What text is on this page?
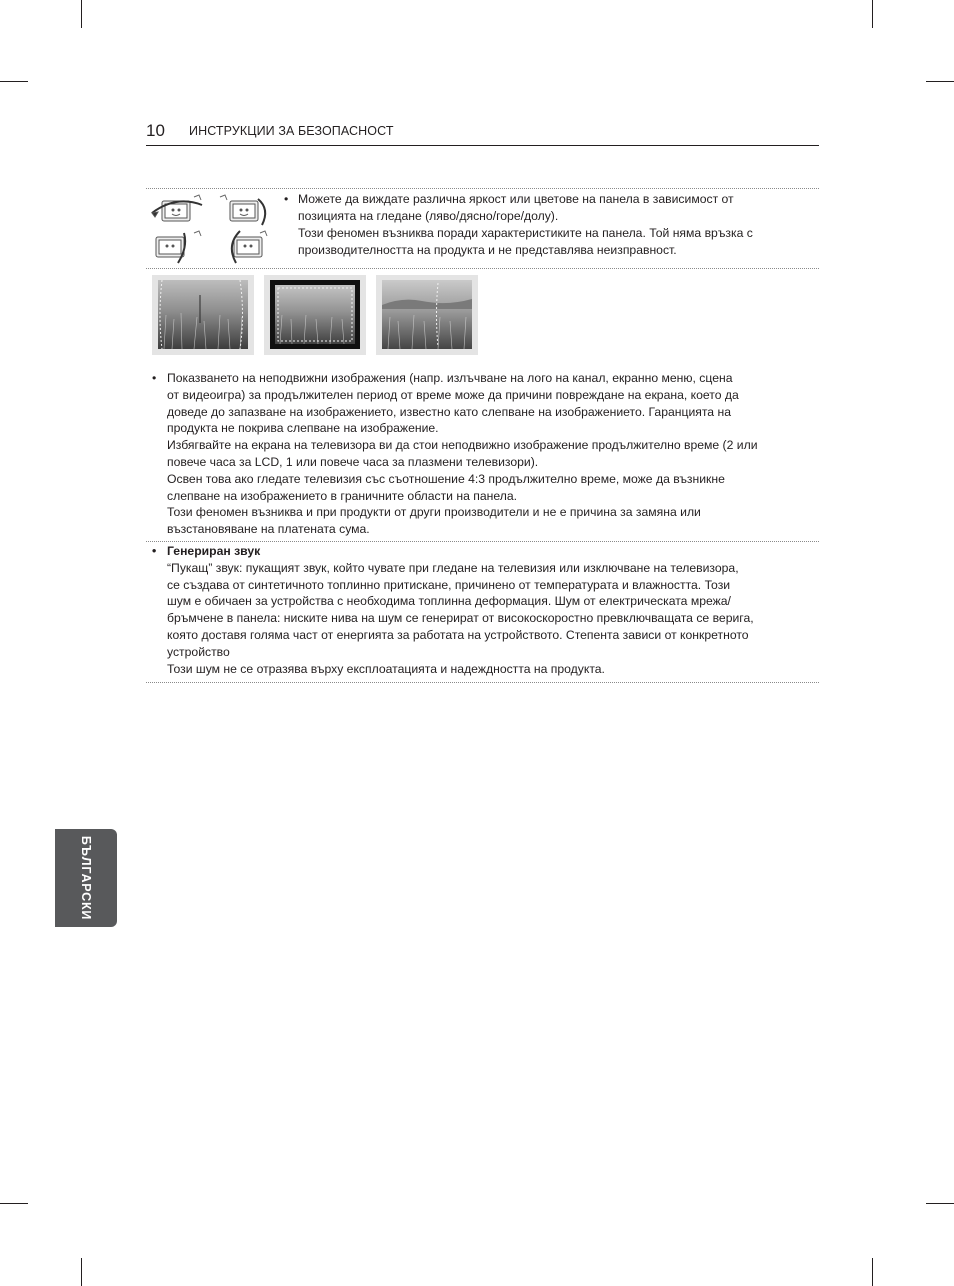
10 ИНСТРУКЦИИ ЗА БЕЗОПАСНОСТ
• Можете да виждате различна яркост или цветове на панела в зависимост от

позицията на гледане (ляво/дясно/горе/долу).

Този феномен възниква поради характеристиките на панела. Той няма връзка с

производителността на продукта и не представлява неизправност.

• Показването на неподвижни изображения (напр. излъчване на лого на канал, екранно меню, сцена

от видеоигра) за продължителен период от време може да причини повреждане на екрана, което да

доведе до запазване на изображението, известно като слепване на изображението. Гаранцията на

продукта не покрива слепване на изображение.

Избягвайте на екрана на телевизора ви да стои неподвижно изображение продължително време (2 или

повече часа за LCD, 1 или повече часа за плазмени телевизори).

Освен това ако гледате телевизия със съотношение 4:3 продължително време, може да възникне

слепване на изображението в граничните области на панела.

Този феномен възниква и при продукти от други производители и не е причина за замяна или

възстановяване на платената сума.

• Генериран звук

“Пукащ” звук: пукащият звук, който чувате при гледане на телевизия или изключване на телевизора,

се създава от синтетичното топлинно притискане, причинено от температурата и влажността. Този

шум е обичаен за устройства с необходима топлинна деформация. Шум от електрическата мрежа/

бръмчене в панела: ниските нива на шум се генерират от високоскоростно превключващата се верига,

която доставя голяма част от енергията за работата на устройството. Степента зависи от конкретното

устройство

Този шум не се отразява върху експлоатацията и надеждността на продукта.

БЪЛГАРСКИ
